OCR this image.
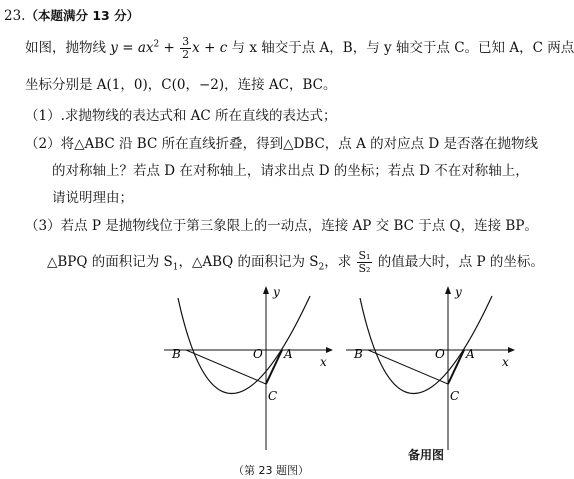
23.（本题满分 13 分）
如图，抛物线 $y = ax^2 + \frac{3}{2}$ x + c 与 x 轴交于点 A，B，与 y 轴交于点 C。已知 A，C 两点
坐标分别是 A(1，0)，C(0，−2)，连接 AC，BC。
（1）.求抛物线的表达式和 AC 所在直线的表达式；
（2）将△ABC 沿 BC 所在直线折叠，得到△DBC，点 A 的对应点 D 是否落在抛物线
的对称轴上？若点 D 在对称轴上，请求出点 D 的坐标；若点 D 不在对称轴上，
请说明理由；
（3）若点 P 是抛物线位于第三象限上的一动点，连接 AP 交 BC 于点 Q，连接 BP。
△BPQ 的面积记为 $S_1$，△ABQ 的面积记为 $S_2$，求 $\frac{\text{S₁}}{\text{S₂}}$ 的值最大时，点 P 的坐标。
y
x
B	O A
C
y
x
B	O A
C
备用图
（第 23 题图）
